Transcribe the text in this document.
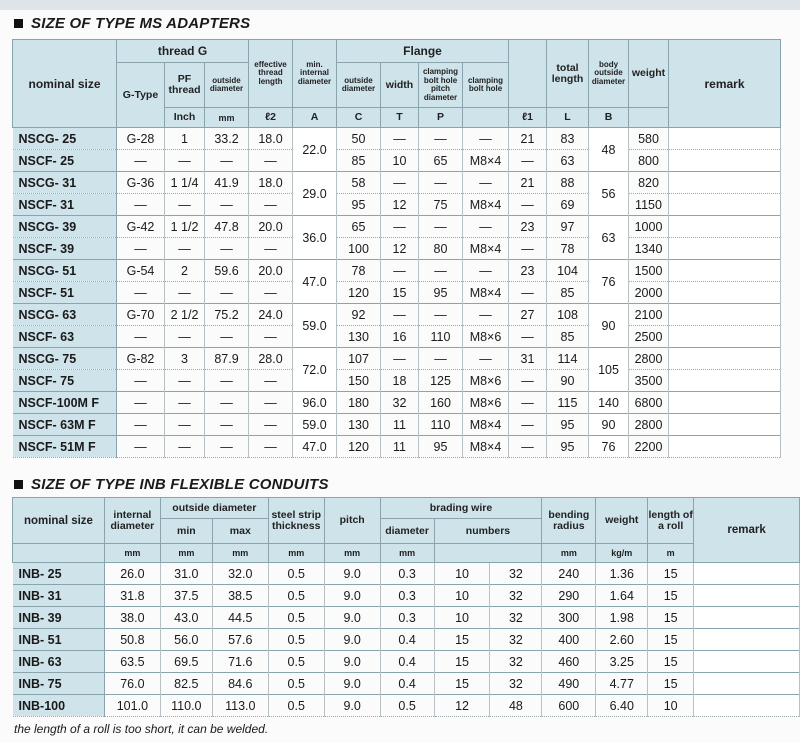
SIZE OF TYPE MS ADAPTERS
nominal size	thread G			effective thread length	min. internal diameter	Flange					total length	body outside diameter	weight	remark
	G-Type	PF thread	outside diameter			outside diameter	width	clamping bolt hole pitch diameter	clamping bolt hole					
		Inch	mm	ℓ2	A	C	T	P		ℓ1	L	B		
NSCG- 25	G-28	1	33.2	18.0	22.0	50	—	—	—	21	83	48	580	
NSCF- 25	—	—	—	—		85	10	65	M8×4	—	63		800	
NSCG- 31	G-36	1 1/4	41.9	18.0	29.0	58	—	—	—	21	88	56	820	
NSCF- 31	—	—	—	—		95	12	75	M8×4	—	69		1150	
NSCG- 39	G-42	1 1/2	47.8	20.0	36.0	65	—	—	—	23	97	63	1000	
NSCF- 39	—	—	—	—		100	12	80	M8×4	—	78		1340	
NSCG- 51	G-54	2	59.6	20.0	47.0	78	—	—	—	23	104	76	1500	
NSCF- 51	—	—	—	—		120	15	95	M8×4	—	85		2000	
NSCG- 63	G-70	2 1/2	75.2	24.0	59.0	92	—	—	—	27	108	90	2100	
NSCF- 63	—	—	—	—		130	16	110	M8×6	—	85		2500	
NSCG- 75	G-82	3	87.9	28.0	72.0	107	—	—	—	31	114	105	2800	
NSCF- 75	—	—	—	—		150	18	125	M8×6	—	90		3500	
NSCF-100M F	—	—	—	—	96.0	180	32	160	M8×6	—	115	140	6800	
NSCF- 63M F	—	—	—	—	59.0	130	11	110	M8×4	—	95	90	2800	
NSCF- 51M F	—	—	—	—	47.0	120	11	95	M8×4	—	95	76	2200	
SIZE OF TYPE INB FLEXIBLE CONDUITS
nominal size	internal diameter	outside diameter		steel strip thickness	pitch	brading wire			bending radius	weight	length of a roll	remark
		min	max			diameter	numbers					
	mm	mm	mm	mm	mm	mm			mm	kg/m	m	
INB- 25	26.0	31.0	32.0	0.5	9.0	0.3	10	32	240	1.36	15	
INB- 31	31.8	37.5	38.5	0.5	9.0	0.3	10	32	290	1.64	15	
INB- 39	38.0	43.0	44.5	0.5	9.0	0.3	10	32	300	1.98	15	
INB- 51	50.8	56.0	57.6	0.5	9.0	0.4	15	32	400	2.60	15	
INB- 63	63.5	69.5	71.6	0.5	9.0	0.4	15	32	460	3.25	15	
INB- 75	76.0	82.5	84.6	0.5	9.0	0.4	15	32	490	4.77	15	
INB-100	101.0	110.0	113.0	0.5	9.0	0.5	12	48	600	6.40	10	
the length of a roll is too short, it can be welded.
